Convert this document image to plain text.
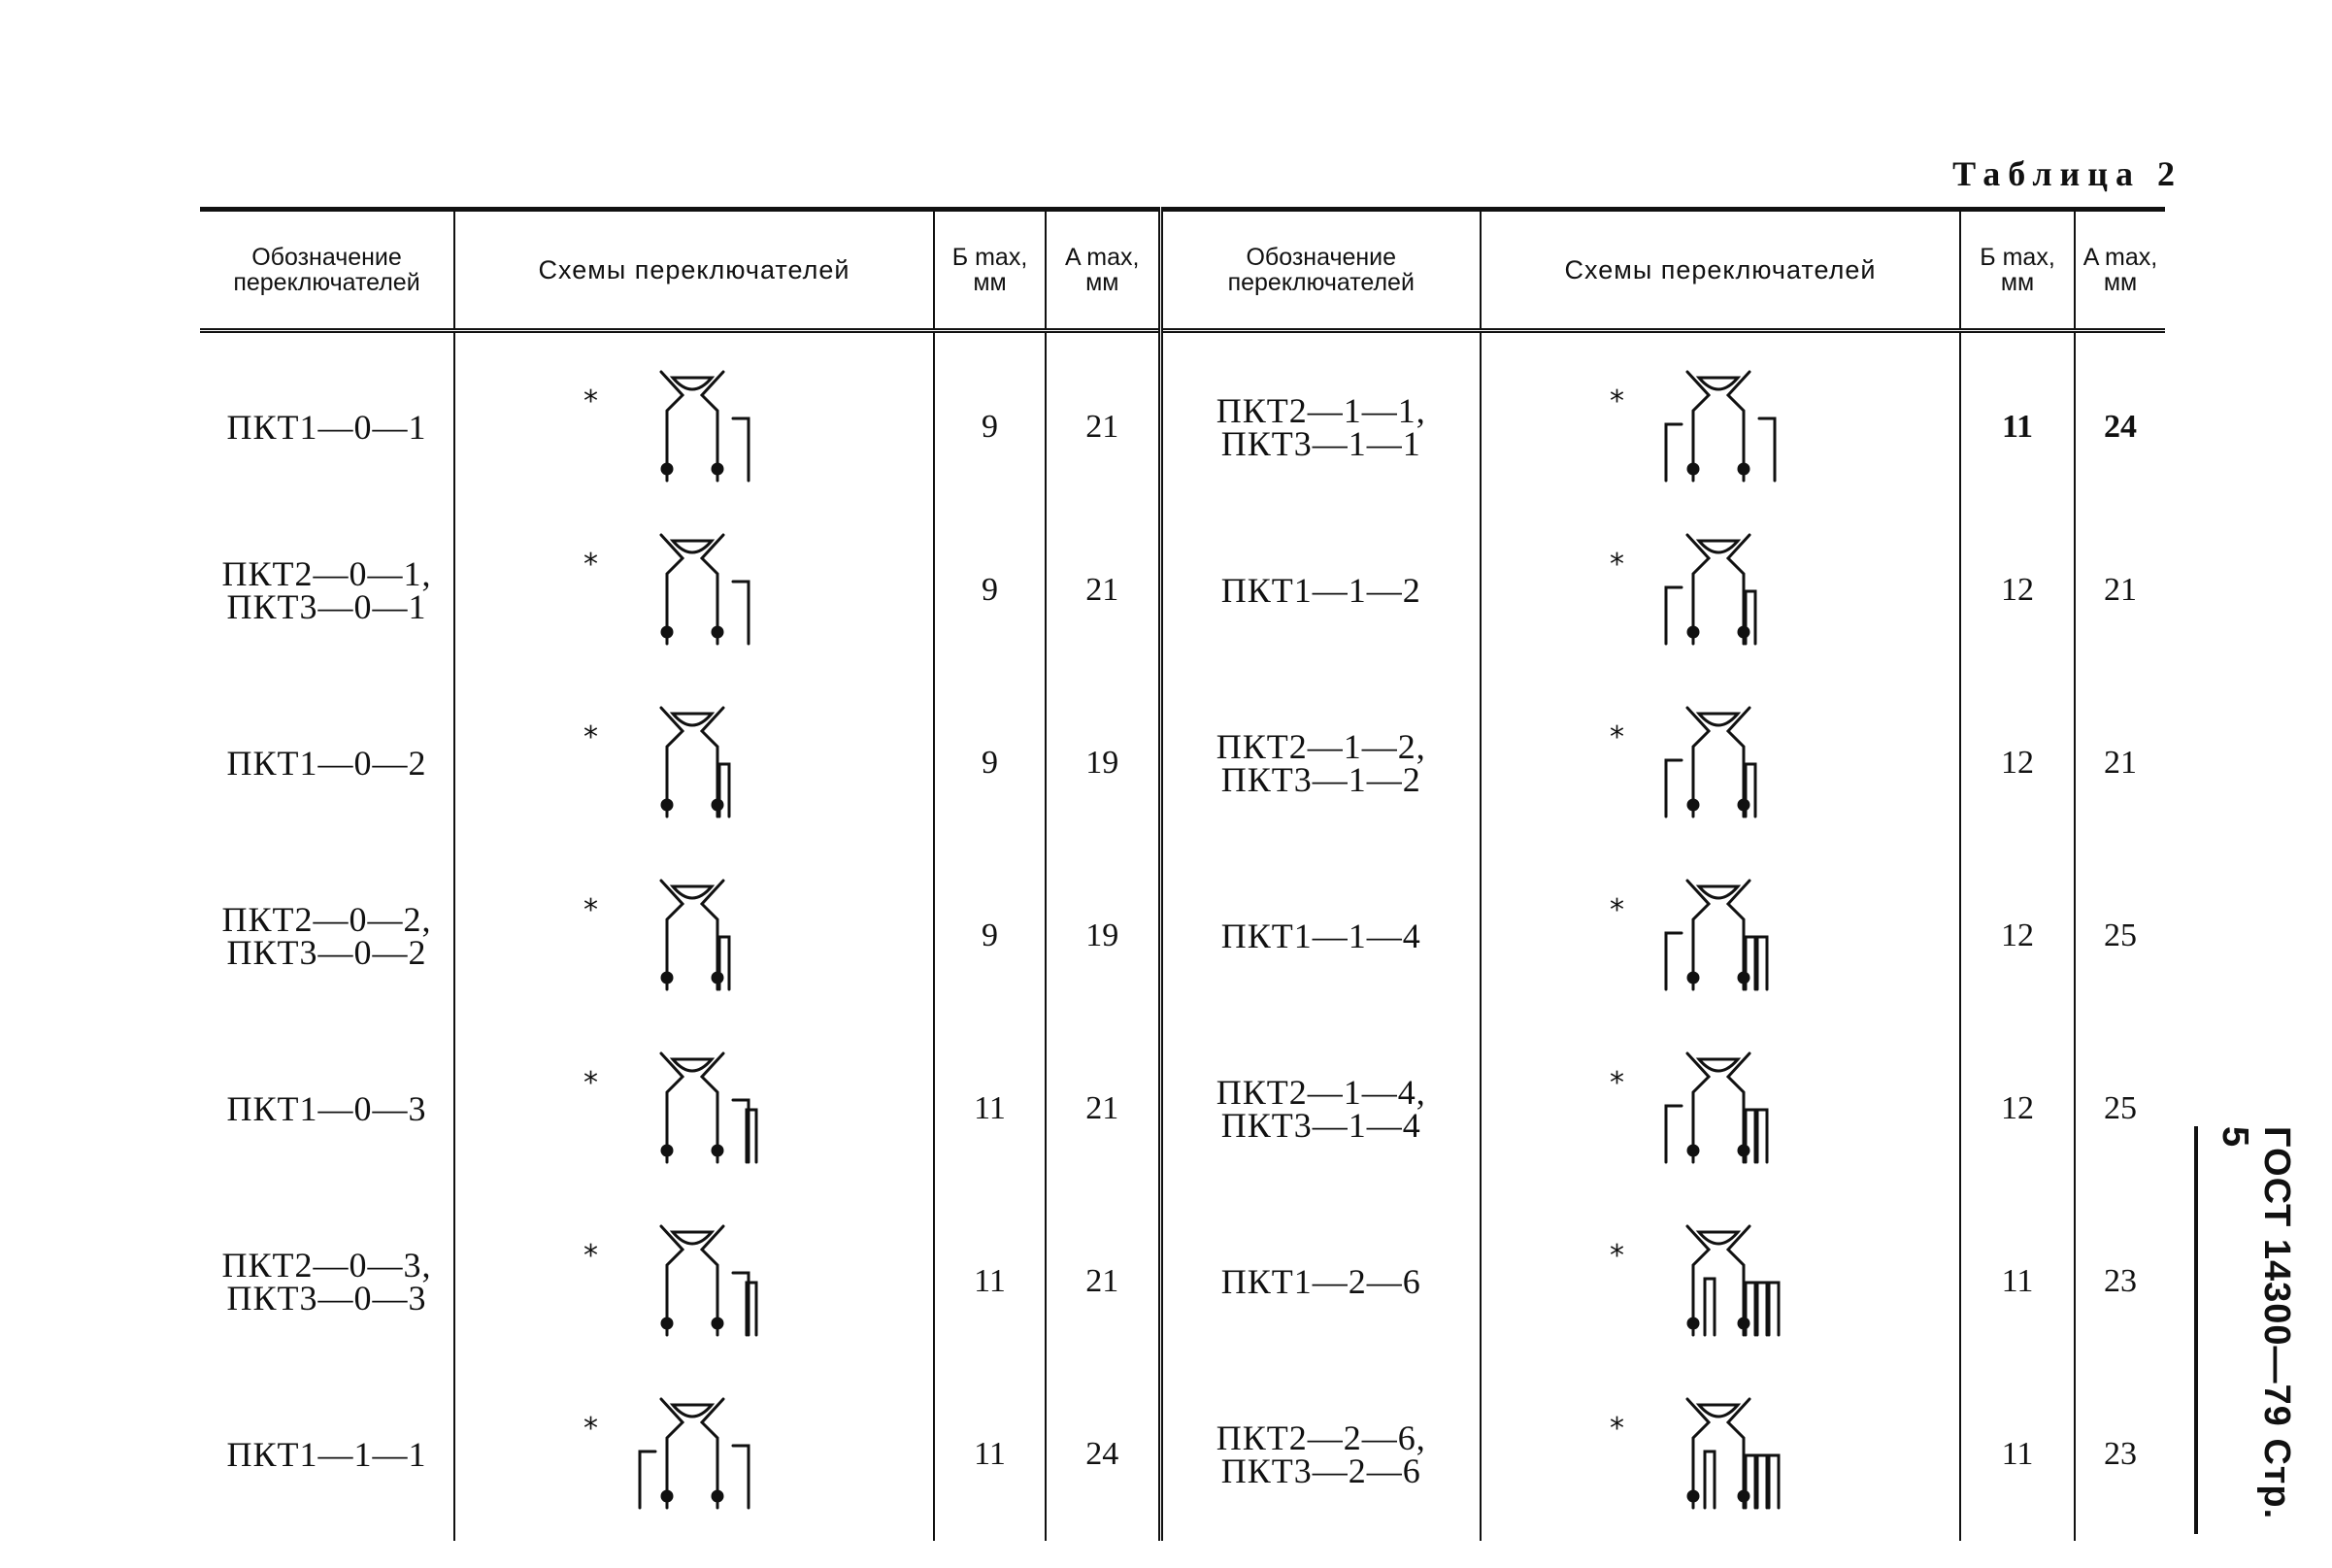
Таблица 2
ГОСТ 14300—79 Стр. 5
Обозначение переключателей	Схемы переключателей	Б max, мм	A max, мм	Обозначение переключателей	Схемы переключателей	Б max, мм	A max, мм

ПКТ1—0—1	*	9	21	ПКТ2—1—1,
ПКТ3—1—1	*	11	24

ПКТ2—0—1,
ПКТ3—0—1	*	9	21	ПКТ1—1—2	*	12	21

ПКТ1—0—2	*	9	19	ПКТ2—1—2,
ПКТ3—1—2	*	12	21

ПКТ2—0—2,
ПКТ3—0—2	*	9	19	ПКТ1—1—4	*	12	25

ПКТ1—0—3	*	11	21	ПКТ2—1—4,
ПКТ3—1—4	*	12	25

ПКТ2—0—3,
ПКТ3—0—3	*	11	21	ПКТ1—2—6	*	11	23

ПКТ1—1—1	*	11	24	ПКТ2—2—6,
ПКТ3—2—6	*	11	23
